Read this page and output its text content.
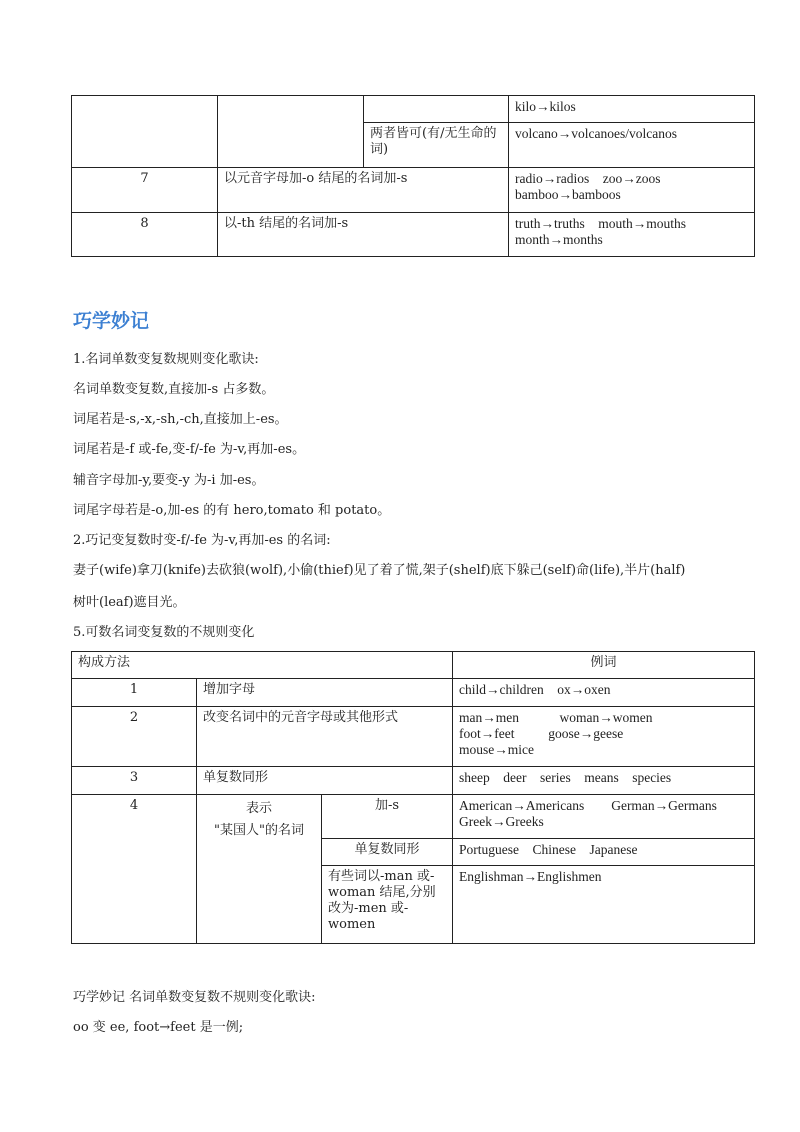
			kilo→kilos
		两者皆可(有/无生命的词)	volcano→volcanoes/volcanos
7	以元音字母加-o 结尾的名词加-s		radio→radios    zoo→zoos
bamboo→bamboos
8	以-th 结尾的名词加-s		truth→truths    mouth→mouths
month→months
巧学妙记
1.名词单数变复数规则变化歌诀:
名词单数变复数,直接加-s 占多数。
词尾若是-s,-x,-sh,-ch,直接加上-es。
词尾若是-f 或-fe,变-f/-fe 为-v,再加-es。
辅音字母加-y,要变-y 为-i 加-es。
词尾字母若是-o,加-es 的有 hero,tomato 和 potato。
2.巧记变复数时变-f/-fe 为-v,再加-es 的名词:
妻子(wife)拿刀(knife)去砍狼(wolf),小偷(thief)见了着了慌,架子(shelf)底下躲己(self)命(life),半片(half)
树叶(leaf)遮目光。
5.可数名词变复数的不规则变化
构成方法			例词
1	增加字母		child→children    ox→oxen
2	改变名词中的元音字母或其他形式		man→men            woman→women
foot→feet          goose→geese
mouse→mice
3	单复数同形		sheep    deer    series    means    species
4	表示
"某国人"的名词	加-s	American→Americans        German→Germans
Greek→Greeks
		单复数同形	Portuguese    Chinese    Japanese
		有些词以-man 或-woman 结尾,分别改为-men 或-women	Englishman→Englishmen
巧学妙记 名词单数变复数不规则变化歌诀:
oo 变 ee, foot→feet 是一例;
